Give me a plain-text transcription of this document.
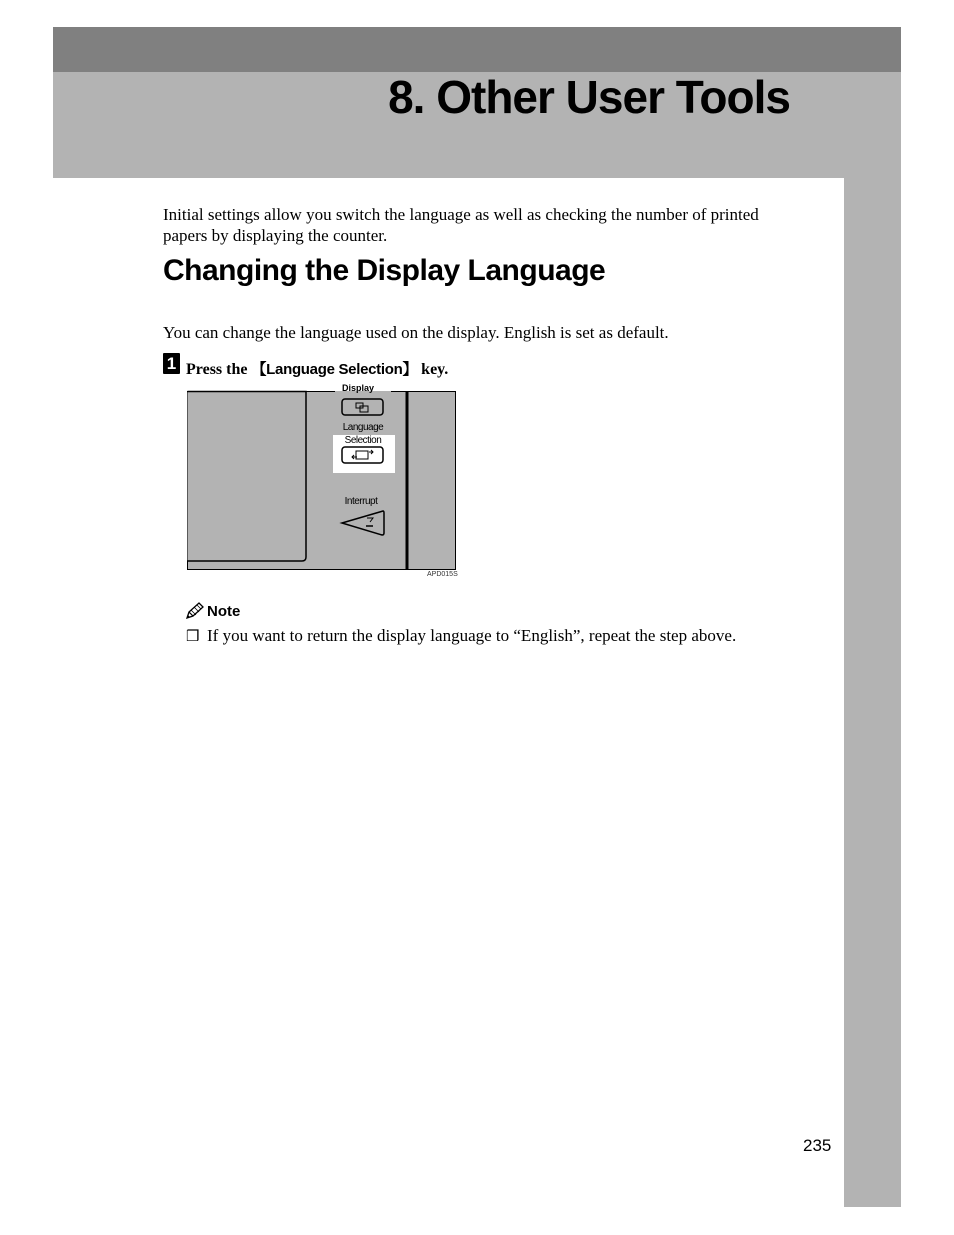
8. Other User Tools

Initial settings allow you switch the language as well as checking the number of printed papers by displaying the counter.

Changing the Display Language

You can change the language used on the display. English is set as default.

1 Press the 【Language Selection】 key.

Display
Language
Selection
Interrupt

APD015S

Note

❒ If you want to return the display language to “English”, repeat the step above.

235
